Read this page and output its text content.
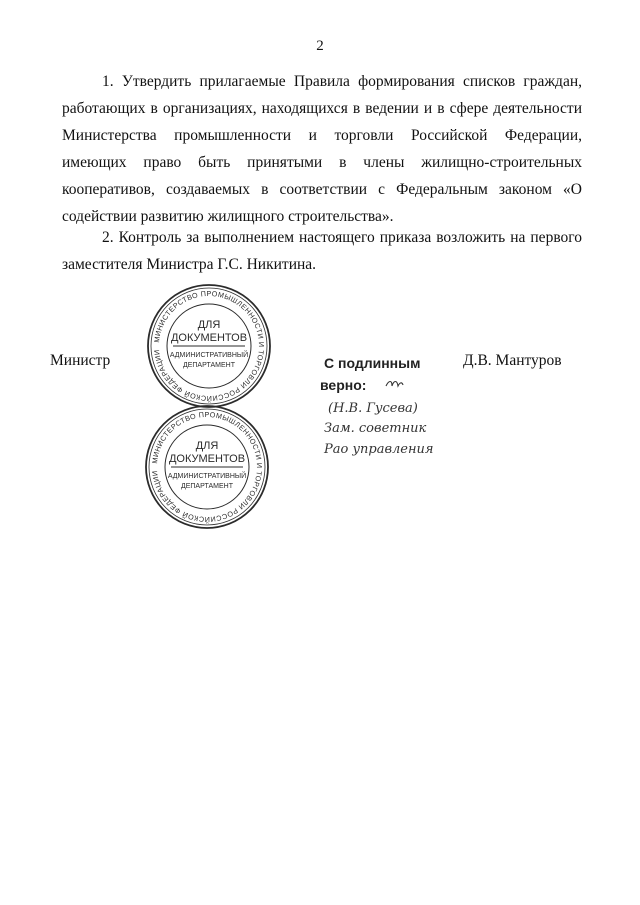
2

1. Утвердить прилагаемые Правила формирования списков граждан, работающих в организациях, находящихся в ведении и в сфере деятельности Министерства промышленности и торговли Российской Федерации, имеющих право быть принятыми в члены жилищно-строительных кооперативов, создаваемых в соответствии с Федеральным законом «О содействии развитию жилищного строительства».

2. Контроль за выполнением настоящего приказа возложить на первого заместителя Министра Г.С. Никитина.

МИНИСТЕРСТВО ПРОМЫШЛЕННОСТИ И ТОРГОВЛИ РОССИЙСКОЙ ФЕДЕРАЦИИ
ДЛЯ
ДОКУМЕНТОВ
АДМИНИСТРАТИВНЫЙ
ДЕПАРТАМЕНТ
Министр	С подлинным
верно:
(Н.В. Гусева)
Зам. советник
Рао управления
Д.В. Мантуров
МИНИСТЕРСТВО ПРОМЫШЛЕННОСТИ И ТОРГОВЛИ РОССИЙСКОЙ ФЕДЕРАЦИИ
ДЛЯ
ДОКУМЕНТОВ
АДМИНИСТРАТИВНЫЙ
ДЕПАРТАМЕНТ
